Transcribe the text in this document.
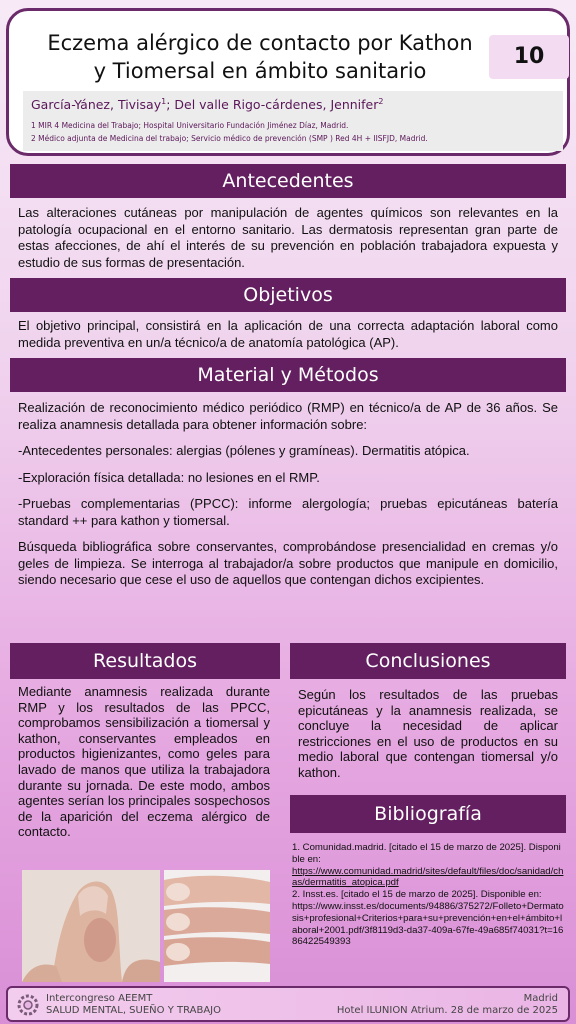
Eczema alérgico de contacto por Kathon
y Tiomersal en ámbito sanitario
10
García-Yánez, Tivisay$^1$; Del valle Rigo-cárdenes, Jennifer$^2$
1 MIR 4 Medicina del Trabajo; Hospital Universitario Fundación Jiménez Díaz, Madrid.
2 Médico adjunta de Medicina del trabajo; Servicio médico de prevención (SMP ) Red 4H + IISFJD, Madrid.
Antecedentes
Las alteraciones cutáneas por manipulación de agentes químicos son relevantes en la patología ocupacional en el entorno sanitario. Las dermatosis representan gran parte de estas afecciones, de ahí el interés de su prevención en población trabajadora expuesta y estudio de sus formas de presentación.
Objetivos
El objetivo principal, consistirá en la aplicación de una correcta adaptación laboral como medida preventiva en un/a técnico/a de anatomía patológica (AP).
Material y Métodos

Realización de reconocimiento médico periódico (RMP) en técnico/a de AP de 36 años. Se realiza anamnesis detallada para obtener información sobre:

-Antecedentes personales: alergias (pólenes y gramíneas). Dermatitis atópica.

-Exploración física detallada: no lesiones en el RMP.

-Pruebas complementarias (PPCC): informe alergología; pruebas epicutáneas batería standard ++ para kathon y tiomersal.

Búsqueda bibliográfica sobre conservantes, comprobándose presencialidad en cremas y/o geles de limpieza. Se interroga al trabajador/a sobre productos que manipule en domicilio, siendo necesario que cese el uso de aquellos que contengan dichos excipientes.

Resultados
Mediante anamnesis realizada durante RMP y los resultados de las PPCC, comprobamos sensibilización a tiomersal y kathon, conservantes empleados en productos higienizantes, como geles para lavado de manos que utiliza la trabajadora durante su jornada. De este modo, ambos agentes serían los principales sospechosos de la aparición del eczema alérgico de contacto.
Conclusiones
Según los resultados de las pruebas epicutáneas y la anamnesis realizada, se concluye la necesidad de aplicar restricciones en el uso de productos en su medio laboral que contengan tiomersal y/o kathon.
Bibliografía
1. Comunidad.madrid. [citado el 15 de marzo de 2025]. Disponible en:
https://www.comunidad.madrid/sites/default/files/doc/sanidad/chas/dermatitis_atopica.pdf
2. Insst.es. [citado el 15 de marzo de 2025]. Disponible en:
https://www.insst.es/documents/94886/375272/Folleto+Dermatosis+profesional+Criterios+para+su+prevención+en+el+ámbito+laboral+2001.pdf/3f8119d3-da37-409a-67fe-49a685f74031?t=1686422549393
Intercongreso AEEMT
SALUD MENTAL, SUEÑO Y TRABAJO
Madrid
Hotel ILUNION Atrium. 28 de marzo de 2025
